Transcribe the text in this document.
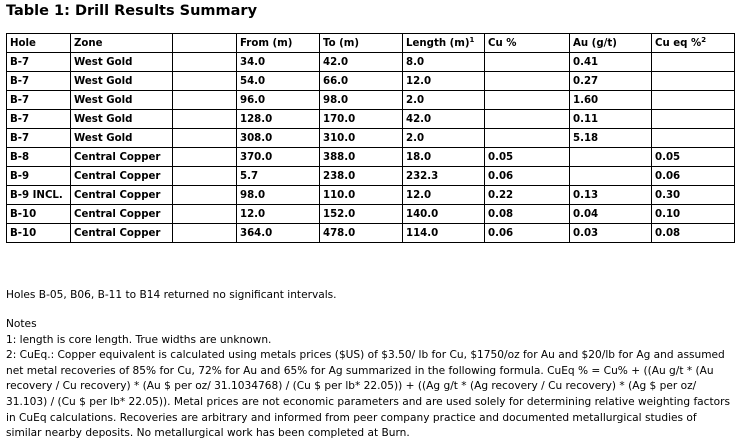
Table 1: Drill Results Summary
Hole	Zone		From (m)	To (m)	Length $(m)^1$	Cu %	Au (g/t)	Cu eq %$^2$
B-7	West Gold		34.0	42.0	8.0		0.41	
B-7	West Gold		54.0	66.0	12.0		0.27	
B-7	West Gold		96.0	98.0	2.0		1.60	
B-7	West Gold		128.0	170.0	42.0		0.11	
B-7	West Gold		308.0	310.0	2.0		5.18	
B-8	Central Copper		370.0	388.0	18.0	0.05		0.05
B-9	Central Copper		5.7	238.0	232.3	0.06		0.06
B-9 INCL.	Central Copper		98.0	110.0	12.0	0.22	0.13	0.30
B-10	Central Copper		12.0	152.0	140.0	0.08	0.04	0.10
B-10	Central Copper		364.0	478.0	114.0	0.06	0.03	0.08
Holes B-05, B06, B-11 to B14 returned no significant intervals.
Notes
1: length is core length. True widths are unknown.
2: CuEq.: Copper equivalent is calculated using metals prices ($US) of $3.50/ lb for Cu, $1750/oz for Au and $20/lb for Ag and assumed net metal recoveries of 85% for Cu, 72% for Au and 65% for Ag summarized in the following formula. CuEq % = Cu% + ((Au g/t * (Au recovery / Cu recovery) * (Au $ per oz/ 31.1034768) / (Cu $ per lb* 22.05)) + ((Ag g/t * (Ag recovery / Cu recovery) * (Ag $ per oz/ 31.103) / (Cu $ per lb* 22.05)). Metal prices are not economic parameters and are used solely for determining relative weighting factors in CuEq calculations. Recoveries are arbitrary and informed from peer company practice and documented metallurgical studies of similar nearby deposits. No metallurgical work has been completed at Burn.
